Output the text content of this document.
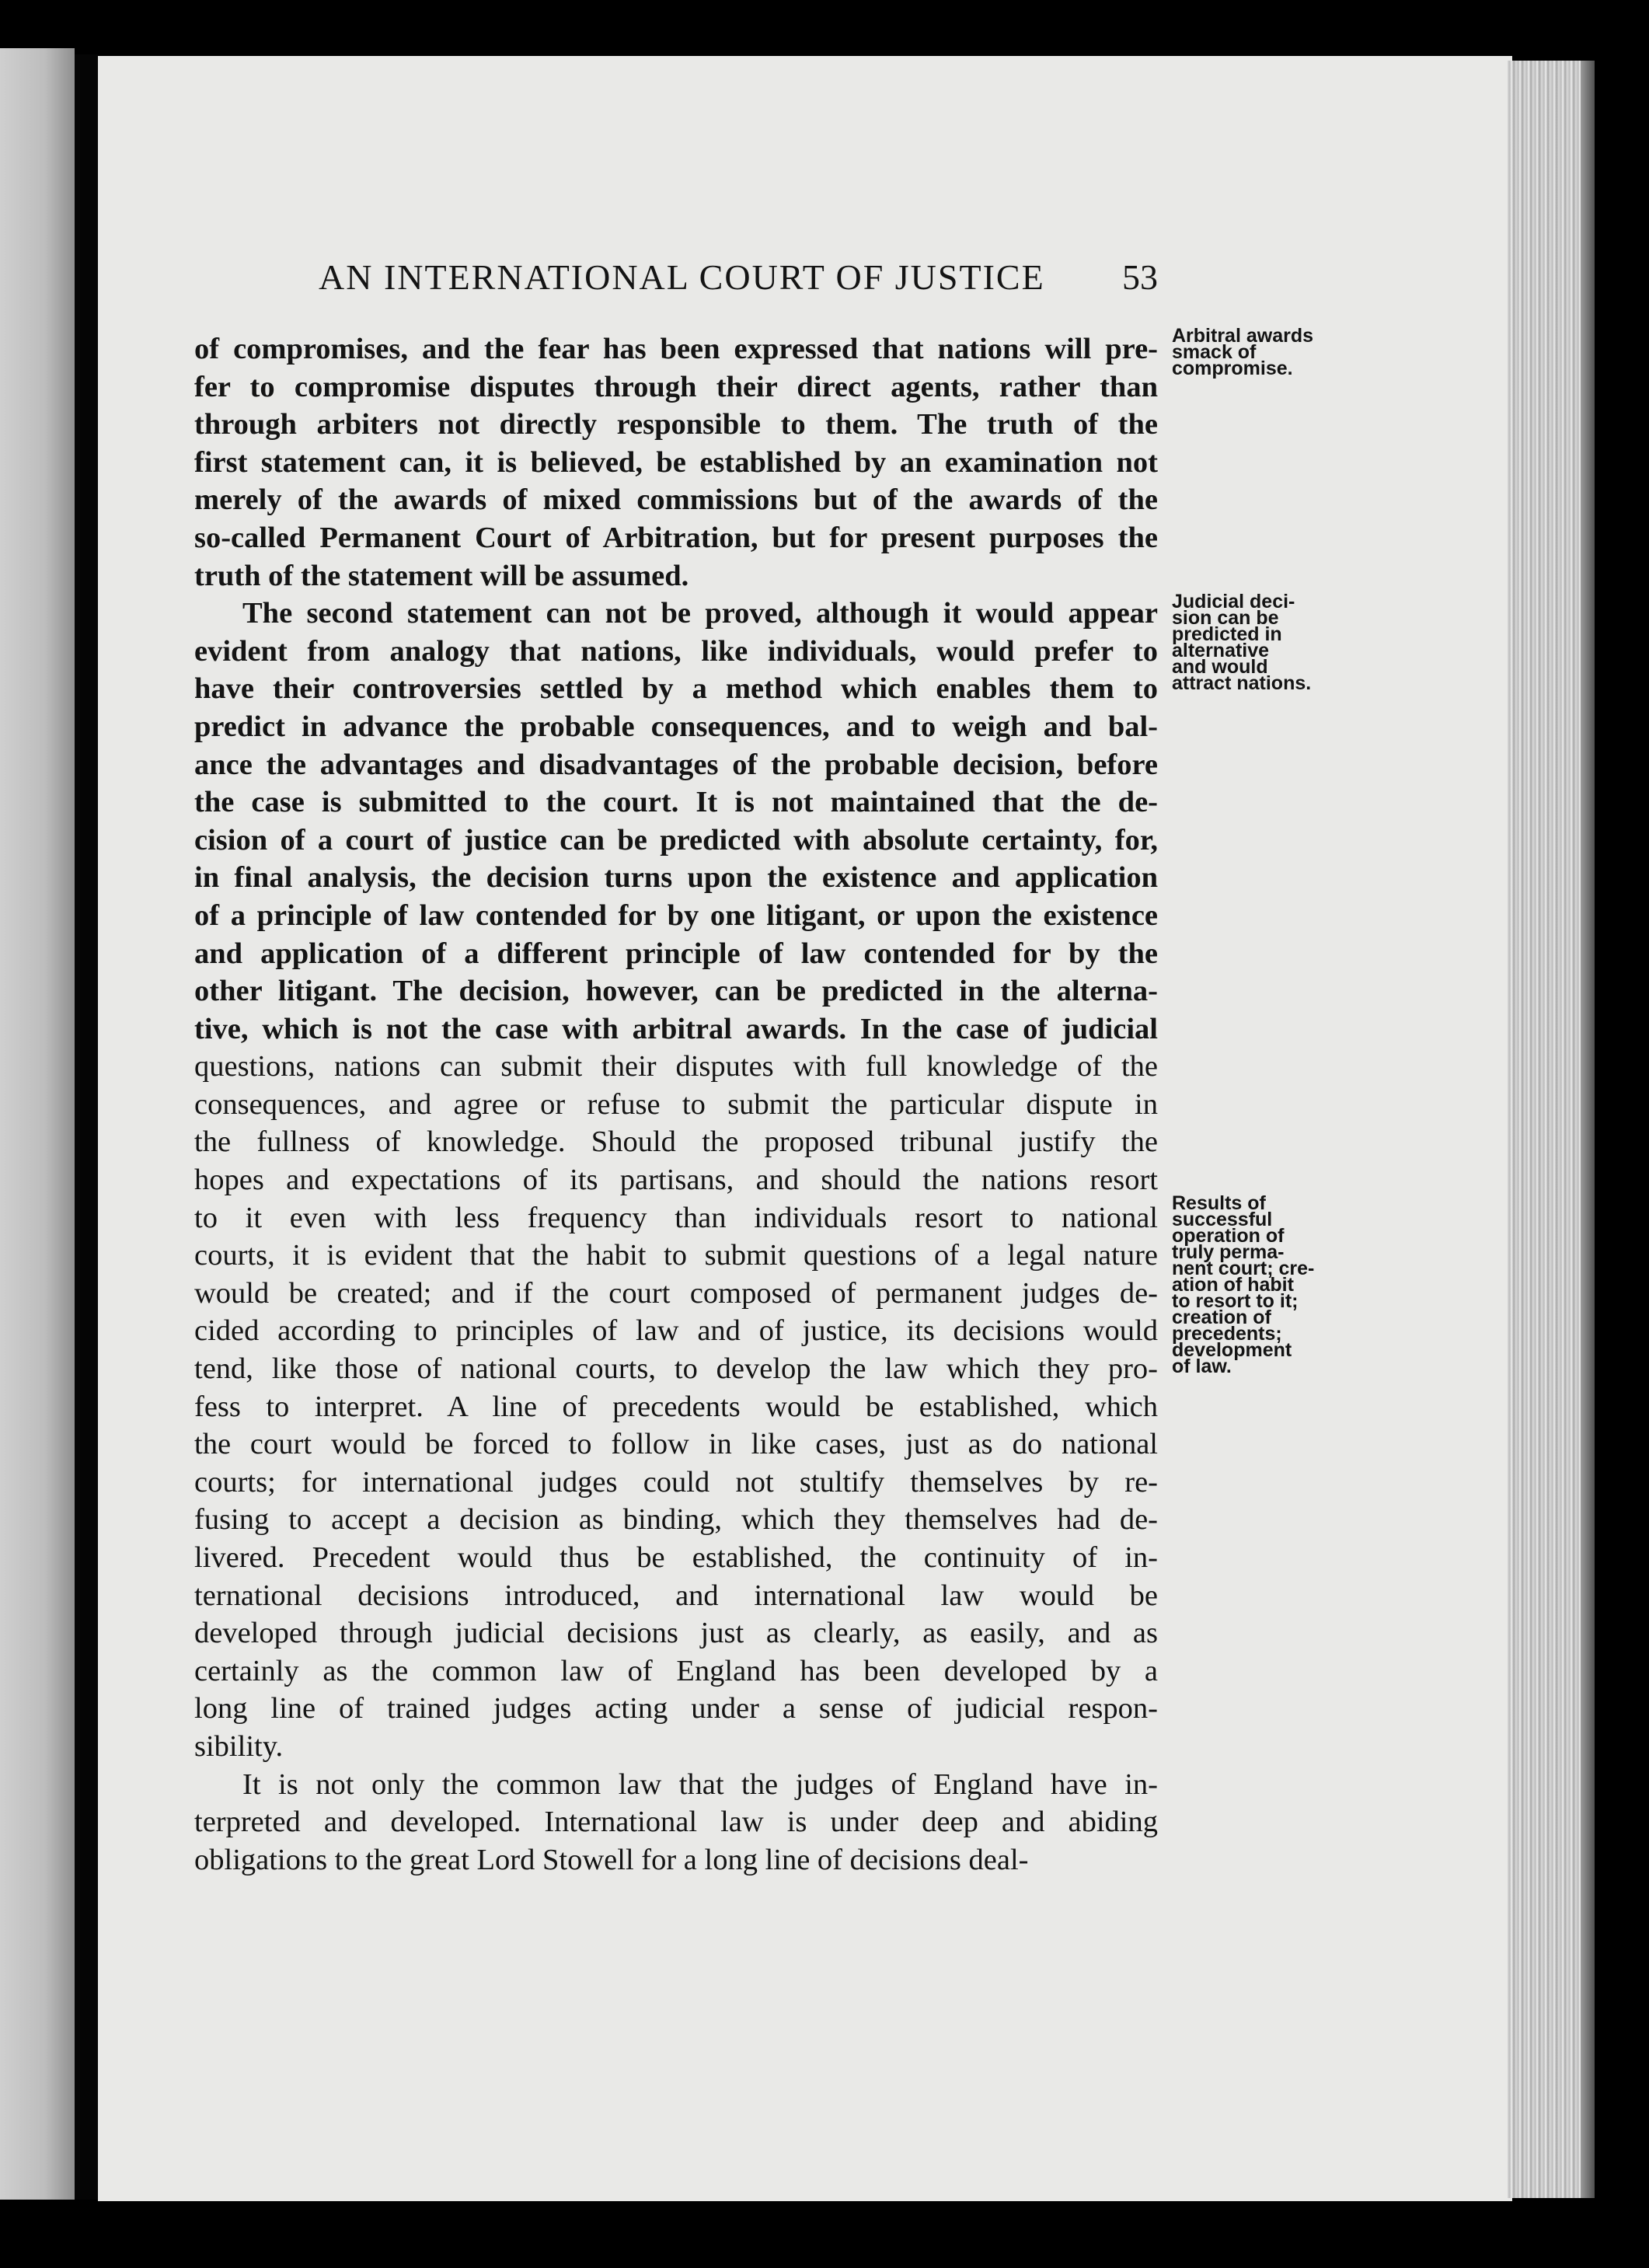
AN INTERNATIONAL COURT OF JUSTICE 53
of compromises, and the fear has been expressed that nations will pre-
fer to compromise disputes through their direct agents, rather than
through arbiters not directly responsible to them. The truth of the
first statement can, it is believed, be established by an examination not
merely of the awards of mixed commissions but of the awards of the
so-called Permanent Court of Arbitration, but for present purposes the
truth of the statement will be assumed.
The second statement can not be proved, although it would appear
evident from analogy that nations, like individuals, would prefer to
have their controversies settled by a method which enables them to
predict in advance the probable consequences, and to weigh and bal-
ance the advantages and disadvantages of the probable decision, before
the case is submitted to the court. It is not maintained that the de-
cision of a court of justice can be predicted with absolute certainty, for,
in final analysis, the decision turns upon the existence and application
of a principle of law contended for by one litigant, or upon the existence
and application of a different principle of law contended for by the
other litigant. The decision, however, can be predicted in the alterna-
tive, which is not the case with arbitral awards. In the case of judicial
questions, nations can submit their disputes with full knowledge of the
consequences, and agree or refuse to submit the particular dispute in
the fullness of knowledge. Should the proposed tribunal justify the
hopes and expectations of its partisans, and should the nations resort
to it even with less frequency than individuals resort to national
courts, it is evident that the habit to submit questions of a legal nature
would be created; and if the court composed of permanent judges de-
cided according to principles of law and of justice, its decisions would
tend, like those of national courts, to develop the law which they pro-
fess to interpret. A line of precedents would be established, which
the court would be forced to follow in like cases, just as do national
courts; for international judges could not stultify themselves by re-
fusing to accept a decision as binding, which they themselves had de-
livered. Precedent would thus be established, the continuity of in-
ternational decisions introduced, and international law would be
developed through judicial decisions just as clearly, as easily, and as
certainly as the common law of England has been developed by a
long line of trained judges acting under a sense of judicial respon-
sibility.
It is not only the common law that the judges of England have in-
terpreted and developed. International law is under deep and abiding
obligations to the great Lord Stowell for a long line of decisions deal-
Arbitral awards
smack of
compromise.
Judicial deci-
sion can be
predicted in
alternative
and would
attract nations.
Results of
successful
operation of
truly perma-
nent court; cre-
ation of habit
to resort to it;
creation of
precedents;
development
of law.
